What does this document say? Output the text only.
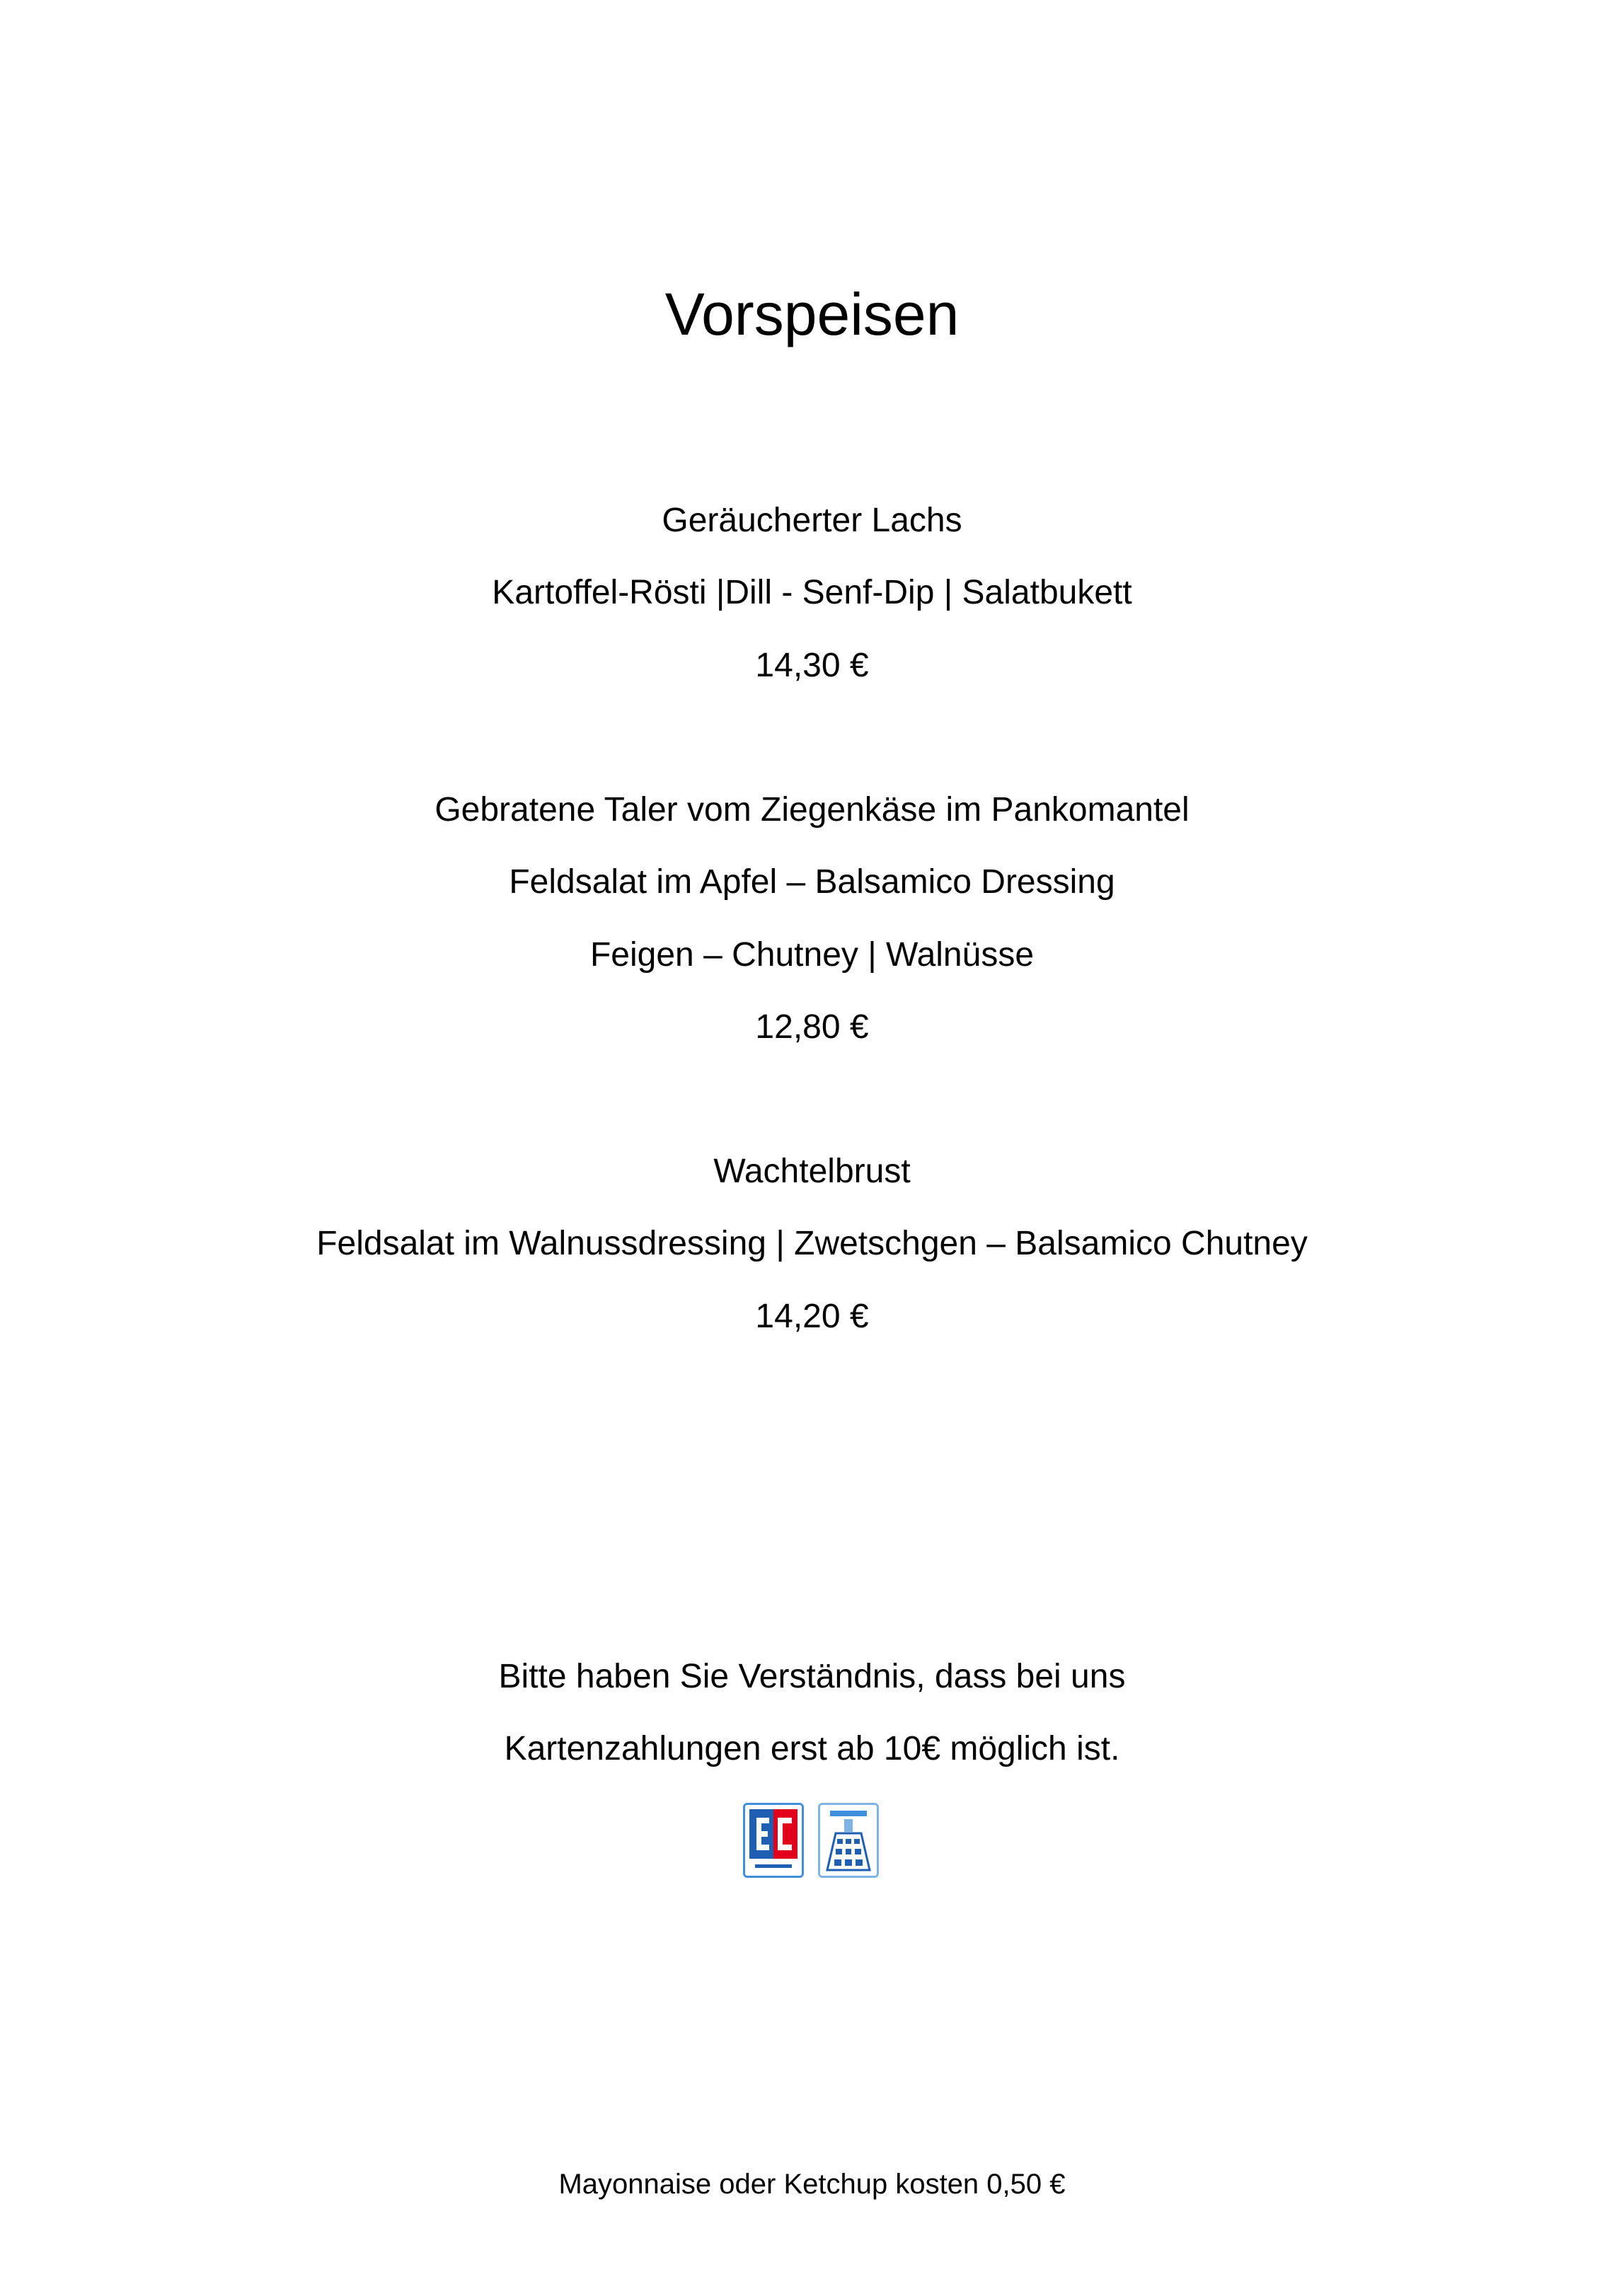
Vorspeisen
Geräucherter Lachs
Kartoffel-Rösti |Dill - Senf-Dip | Salatbukett
14,30 €
Gebratene Taler vom Ziegenkäse im Pankomantel
Feldsalat im Apfel – Balsamico Dressing
Feigen – Chutney | Walnüsse
12,80 €
Wachtelbrust
Feldsalat im Walnussdressing | Zwetschgen – Balsamico Chutney
14,20 €
Bitte haben Sie Verständnis, dass bei uns
Kartenzahlungen erst ab 10€ möglich ist.
Mayonnaise oder Ketchup kosten 0,50 €
